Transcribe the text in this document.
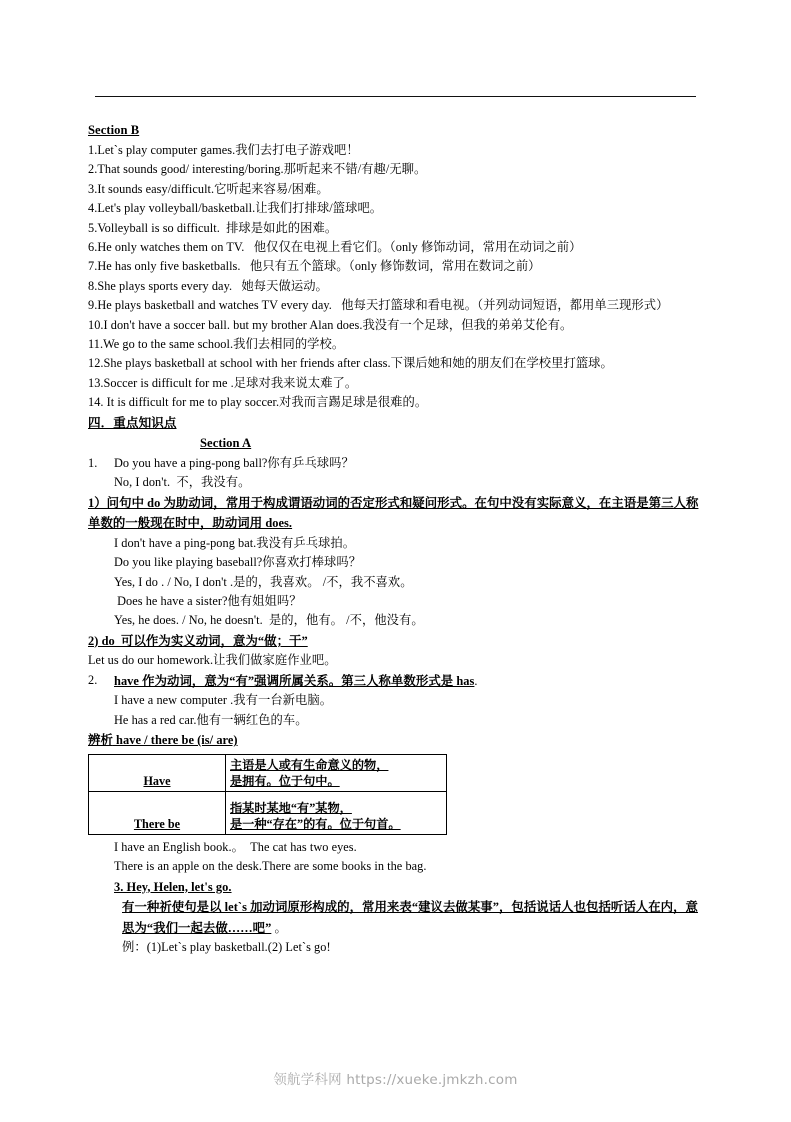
Section B
1.Let`s play computer games.我们去打电子游戏吧！
2.That sounds good/ interesting/boring.那听起来不错/有趣/无聊。
3.It sounds easy/difficult.它听起来容易/困难。
4.Let's play volleyball/basketball.让我们打排球/篮球吧。
5.Volleyball is so difficult.  排球是如此的困难。
6.He only watches them on TV.   他仅仅在电视上看它们。（only 修饰动词，常用在动词之前）
7.He has only five basketballs.   他只有五个篮球。（only 修饰数词，常用在数词之前）
8.She plays sports every day.   她每天做运动。
9.He plays basketball and watches TV every day.   他每天打篮球和看电视。（并列动词短语，都用单三现形式）
10.I don't have a soccer ball. but my brother Alan does.我没有一个足球，但我的弟弟艾伦有。
11.We go to the same school.我们去相同的学校。
12.She plays basketball at school with her friends after class.下课后她和她的朋友们在学校里打篮球。
13.Soccer is difficult for me .足球对我来说太难了。
14. It is difficult for me to play soccer.对我而言踢足球是很难的。
四．重点知识点
Section A
1.	Do you have a ping-pong ball?你有乒乓球吗？
No, I don't.  不，我没有。
1）问句中 do 为助动词，常用于构成谓语动词的否定形式和疑问形式。在句中没有实际意义，在主语是第三人称单数的一般现在时中，助动词用 does.
I don't have a ping-pong bat.我没有乒乓球拍。
Do you like playing baseball?你喜欢打棒球吗？
Yes, I do . / No, I don't .是的，我喜欢。 /不，我不喜欢。
Does he have a sister?他有姐姐吗？
Yes, he does. / No, he doesn't.  是的，他有。 /不，他没有。
2) do  可以作为实义动词，意为“做；干”
Let us do our homework.让我们做家庭作业吧。
2.	have 作为动词，意为“有”强调所属关系。第三人称单数形式是 has.
I have a new computer .我有一台新电脑。
He has a red car.他有一辆红色的车。
辨析 have / there be (is/ are)
Have	主语是人或有生命意义的物，
是拥有。位于句中。
There be	指某时某地“有”某物，
是一种“存在”的有。位于句首。
I have an English book.。  The cat has two eyes.
There is an apple on the desk.There are some books in the bag.
3. Hey, Helen, let's go.
有一种祈使句是以 let`s 加动词原形构成的，常用来表“建议去做某事”，包括说话人也包括听话人在内，意思为“我们一起去做……吧” 。
例：(1)Let`s play basketball.(2) Let`s go!
领航学科网 https://xueke.jmkzh.com
